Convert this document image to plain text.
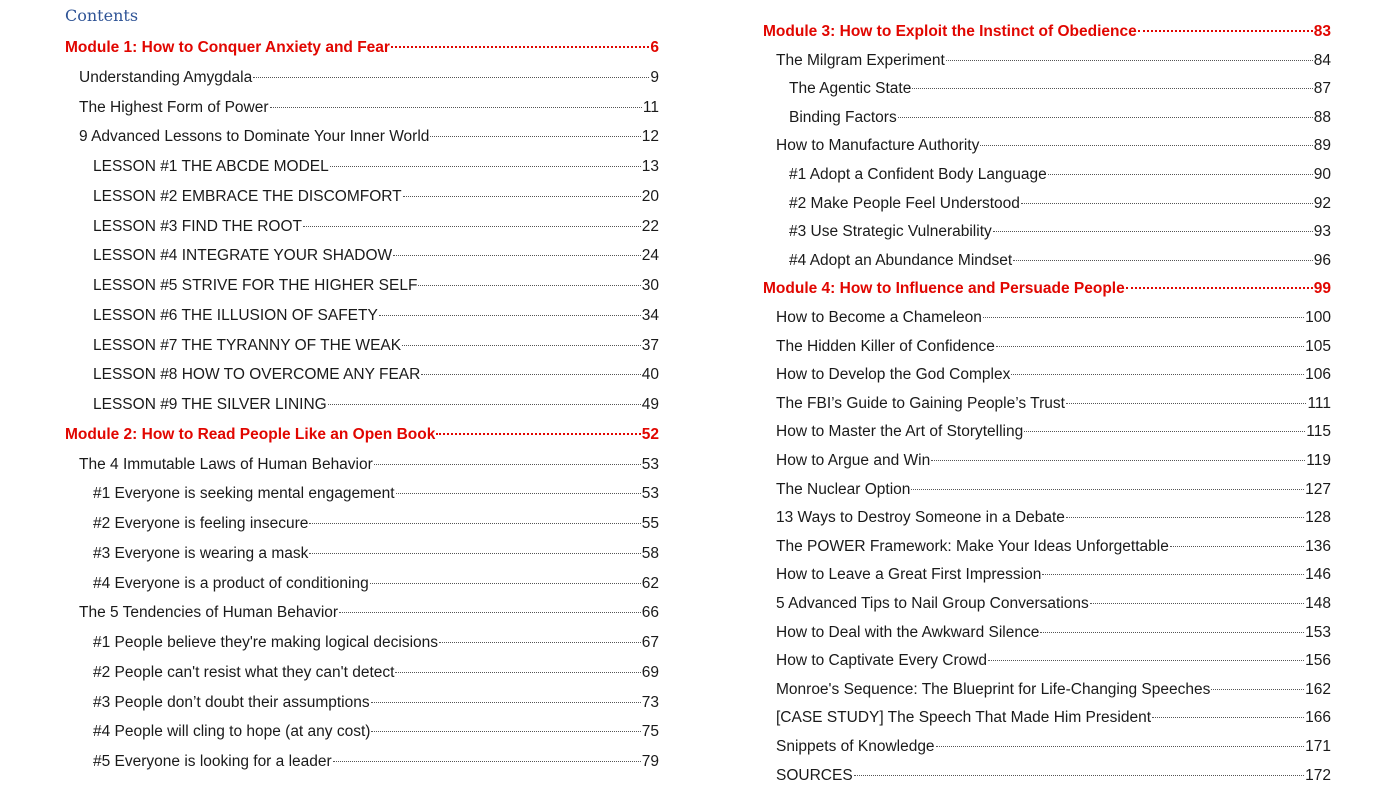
Contents
Module 1: How to Conquer Anxiety and Fear	6
Understanding Amygdala	9
The Highest Form of Power	11
9 Advanced Lessons to Dominate Your Inner World	12
LESSON #1 THE ABCDE MODEL	13
LESSON #2 EMBRACE THE DISCOMFORT	20
LESSON #3 FIND THE ROOT	22
LESSON #4 INTEGRATE YOUR SHADOW	24
LESSON #5 STRIVE FOR THE HIGHER SELF	30
LESSON #6 THE ILLUSION OF SAFETY	34
LESSON #7 THE TYRANNY OF THE WEAK	37
LESSON #8 HOW TO OVERCOME ANY FEAR	40
LESSON #9 THE SILVER LINING	49
Module 2: How to Read People Like an Open Book	52
The 4 Immutable Laws of Human Behavior	53
#1 Everyone is seeking mental engagement	53
#2 Everyone is feeling insecure	55
#3 Everyone is wearing a mask	58
#4 Everyone is a product of conditioning	62
The 5 Tendencies of Human Behavior	66
#1 People believe they're making logical decisions	67
#2 People can't resist what they can't detect	69
#3 People don’t doubt their assumptions	73
#4 People will cling to hope (at any cost)	75
#5 Everyone is looking for a leader	79
Module 3: How to Exploit the Instinct of Obedience	83
The Milgram Experiment	84
The Agentic State	87
Binding Factors	88
How to Manufacture Authority	89
#1 Adopt a Confident Body Language	90
#2 Make People Feel Understood	92
#3 Use Strategic Vulnerability	93
#4 Adopt an Abundance Mindset	96
Module 4: How to Influence and Persuade People	99
How to Become a Chameleon	100
The Hidden Killer of Confidence	105
How to Develop the God Complex	106
The FBI’s Guide to Gaining People’s Trust	111
How to Master the Art of Storytelling	115
How to Argue and Win	119
The Nuclear Option	127
13 Ways to Destroy Someone in a Debate	128
The POWER Framework: Make Your Ideas Unforgettable	136
How to Leave a Great First Impression	146
5 Advanced Tips to Nail Group Conversations	148
How to Deal with the Awkward Silence	153
How to Captivate Every Crowd	156
Monroe's Sequence: The Blueprint for Life-Changing Speeches	162
[CASE STUDY] The Speech That Made Him President	166
Snippets of Knowledge	171
SOURCES	172
